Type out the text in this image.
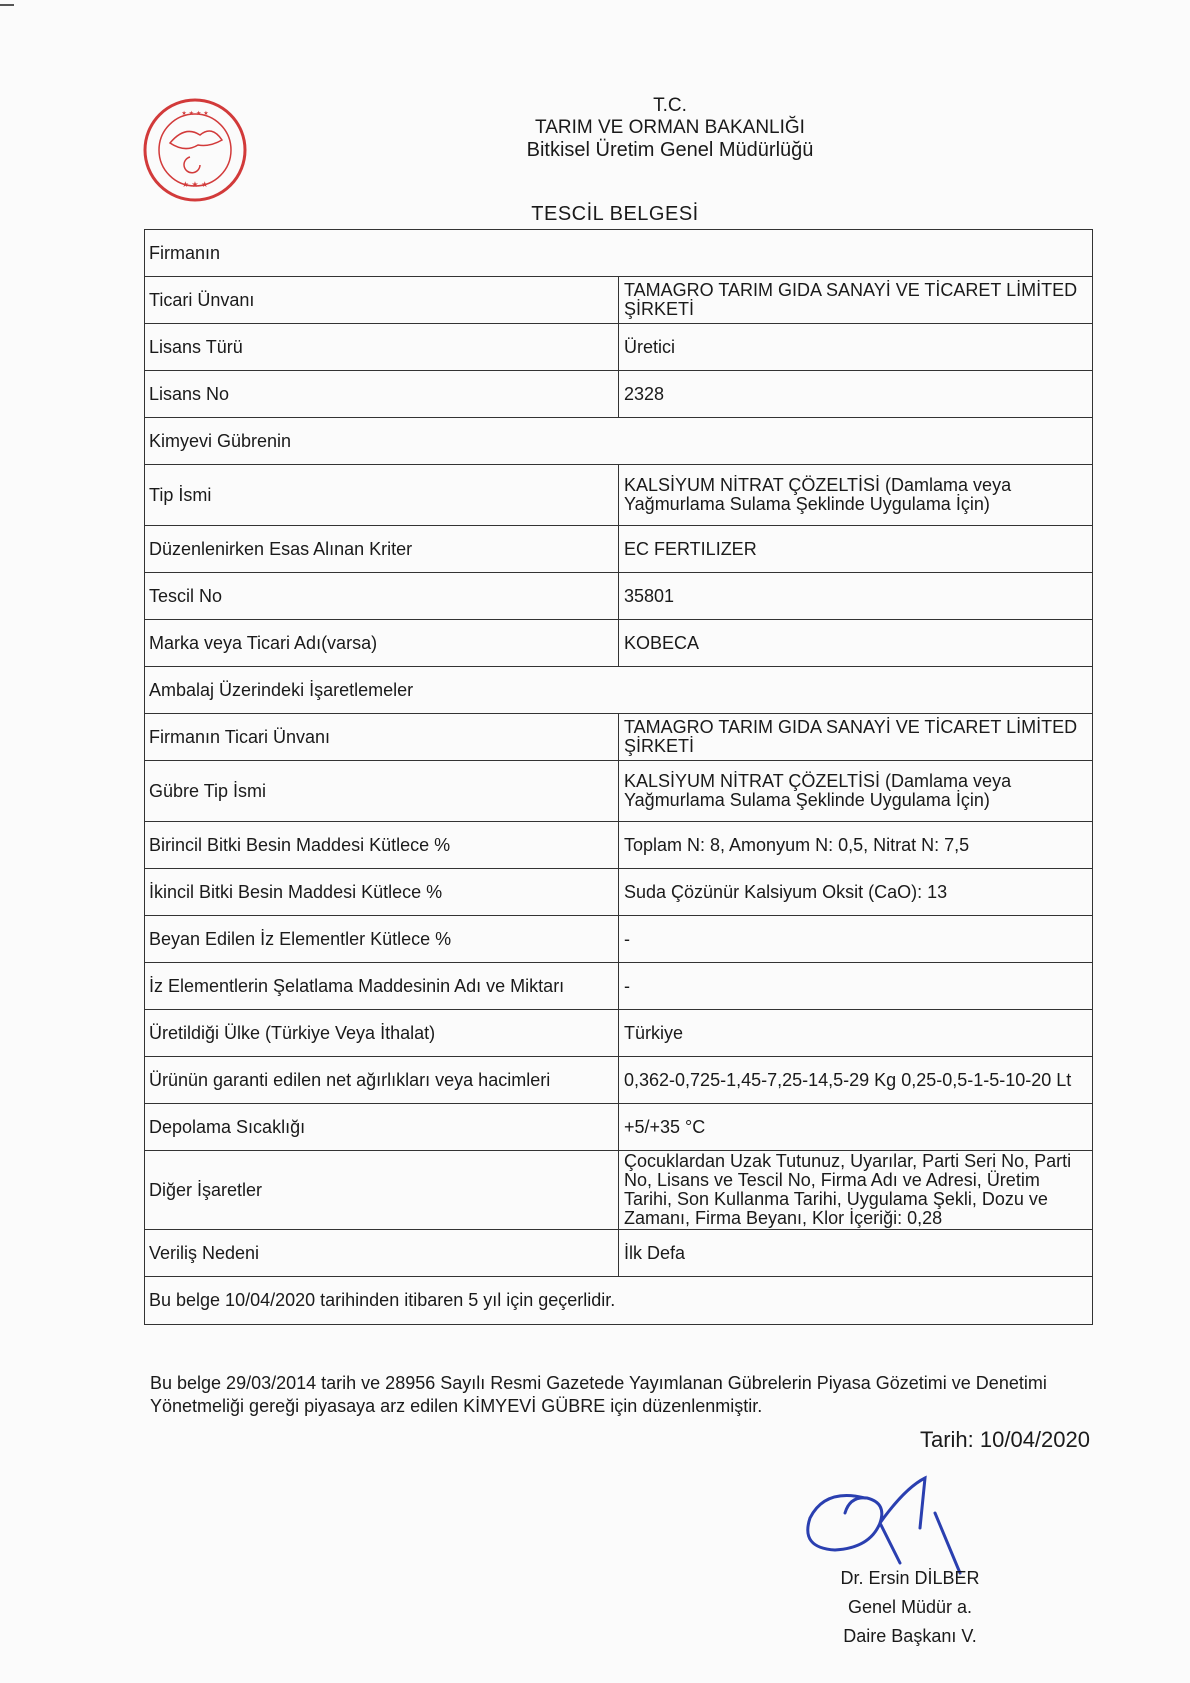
★ ★ ★
★ ★ ★ ★	T.C.
TARIM VE ORMAN BAKANLIĞI
Bitkisel Üretim Genel Müdürlüğü
TESCİL BELGESİ
Firmanın	
Ticari Ünvanı	TAMAGRO TARIM GIDA SANAYİ VE TİCARET LİMİTED ŞİRKETİ
Lisans Türü	Üretici
Lisans No	2328
Kimyevi Gübrenin	
Tip İsmi	KALSİYUM NİTRAT ÇÖZELTİSİ (Damlama veya Yağmurlama Sulama Şeklinde Uygulama İçin)
Düzenlenirken Esas Alınan Kriter	EC FERTILIZER
Tescil No	35801
Marka veya Ticari Adı(varsa)	KOBECA
Ambalaj Üzerindeki İşaretlemeler	
Firmanın Ticari Ünvanı	TAMAGRO TARIM GIDA SANAYİ VE TİCARET LİMİTED ŞİRKETİ
Gübre Tip İsmi	KALSİYUM NİTRAT ÇÖZELTİSİ (Damlama veya Yağmurlama Sulama Şeklinde Uygulama İçin)
Birincil Bitki Besin Maddesi Kütlece %	Toplam N: 8, Amonyum N: 0,5, Nitrat N: 7,5
İkincil Bitki Besin Maddesi Kütlece %	Suda Çözünür Kalsiyum Oksit (CaO): 13
Beyan Edilen İz Elementler Kütlece %	-
İz Elementlerin Şelatlama Maddesinin Adı ve Miktarı	-
Üretildiği Ülke (Türkiye Veya İthalat)	Türkiye
Ürünün garanti edilen net ağırlıkları veya hacimleri	0,362-0,725-1,45-7,25-14,5-29 Kg 0,25-0,5-1-5-10-20 Lt
Depolama Sıcaklığı	+5/+35 °C
Diğer İşaretler	Çocuklardan Uzak Tutunuz, Uyarılar, Parti Seri No, Parti No, Lisans ve Tescil No, Firma Adı ve Adresi, Üretim Tarihi, Son Kullanma Tarihi, Uygulama Şekli, Dozu ve Zamanı, Firma Beyanı, Klor İçeriği: 0,28
Veriliş Nedeni	İlk Defa
Bu belge 10/04/2020 tarihinden itibaren 5 yıl için geçerlidir.	
Bu belge 29/03/2014 tarih ve 28956 Sayılı Resmi Gazetede Yayımlanan Gübrelerin Piyasa Gözetimi ve Denetimi Yönetmeliği gereği piyasaya arz edilen KİMYEVİ GÜBRE için düzenlenmiştir.
Tarih: 10/04/2020
Dr. Ersin DİLBER
Genel Müdür a.
Daire Başkanı V.
